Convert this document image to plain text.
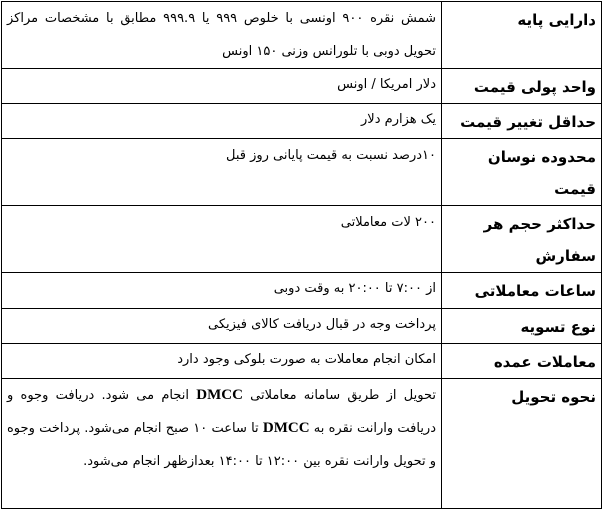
دارایی پایه	شمش نقره ۹۰۰ اونسی با خلوص ۹۹۹ یا ۹۹۹.۹ مطابق با مشخصات مراکز تحویل دوبی با تلورانس وزنی ۱۵۰ اونس
واحد پولی قیمت	دلار امریکا / اونس
حداقل تغییر قیمت	یک هزارم دلار
محدوده نوسان قیمت	۱۰درصد نسبت به قیمت پایانی روز قبل
حداکثر حجم هر سفارش	۲۰۰ لات معاملاتی
ساعات معاملاتی	از ۷:۰۰ تا ۲۰:۰۰ به وقت دوبی
نوع تسویه	پرداخت وجه در قبال دریافت کالای فیزیکی
معاملات عمده	امکان انجام معاملات به صورت بلوکی وجود دارد
نحوه تحویل	تحویل از طریق سامانه معاملاتی DMCC انجام می شود. دریافت وجوه و دریافت وارانت نقره به DMCC تا ساعت ۱۰ صبح انجام می‌شود. پرداخت وجوه و تحویل وارانت نقره بین ۱۲:۰۰ تا ۱۴:۰۰ بعدازظهر انجام می‌شود.
